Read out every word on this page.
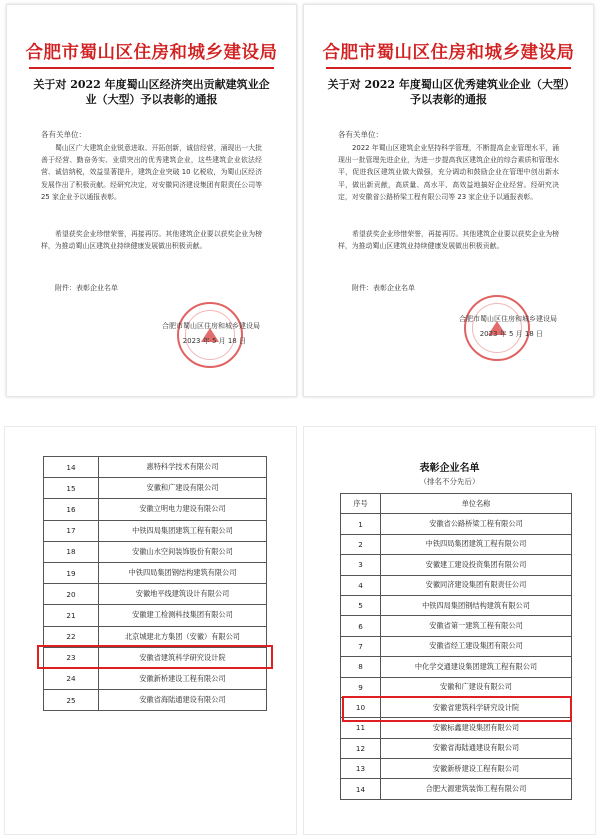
合肥市蜀山区住房和城乡建设局
关于对 2022 年度蜀山区经济突出贡献建筑业企业（大型）予以表彰的通报
各有关单位：

蜀山区广大建筑企业锐意进取、开拓创新，诚信经营，涌现出一大批善于经营、勤奋务实、业绩突出的优秀建筑企业，这些建筑企业依法经营、诚信纳税，效益显著提升，建筑企业突破 10 亿税收，为蜀山区经济发展作出了积极贡献。经研究决定，对安徽同济建设集团有限责任公司等 25 家企业予以通报表彰。

希望获奖企业珍惜荣誉，再接再厉。其他建筑企业要以获奖企业为榜样，为推动蜀山区建筑业持续健康发展做出积极贡献。

附件：表彰企业名单
合肥市蜀山区住房和城乡建设局
2023 年 5 月 18 日
合肥市蜀山区住房和城乡建设局
关于对 2022 年度蜀山区优秀建筑业企业（大型）予以表彰的通报
各有关单位：

2022 年蜀山区建筑企业坚持科学管理，不断提高企业管理水平，涌现出一批管理先进企业，为进一步提高我区建筑企业的综合素质和管理水平，促进我区建筑业做大做强，充分调动和鼓励企业在管理中创出新水平，做出新贡献，高质量、高水平、高效益地搞好企业经营。经研究决定，对安徽省公路桥梁工程有限公司等 23 家企业予以通报表彰。

希望获奖企业珍惜荣誉，再接再厉。其他建筑企业要以获奖企业为榜样，为推动蜀山区建筑业持续健康发展做出积极贡献。

附件：表彰企业名单
合肥市蜀山区住房和城乡建设局
2023 年 5 月 18 日
14	惠特科学技术有限公司
15	安徽和广建设有限公司
16	安徽立明电力建设有限公司
17	中铁四局集团建筑工程有限公司
18	安徽山水空间装饰股份有限公司
19	中铁四局集团钢结构建筑有限公司
20	安徽地平线建筑设计有限公司
21	安徽建工检测科技集团有限公司
22	北京城建北方集团（安徽）有限公司
23	安徽省建筑科学研究设计院
24	安徽新桥建设工程有限公司
25	安徽省海陆通建设有限公司
表彰企业名单
（排名不分先后）
序号	单位名称
1	安徽省公路桥梁工程有限公司
2	中铁四局集团建筑工程有限公司
3	安徽建工建设投资集团有限公司
4	安徽同济建设集团有限责任公司
5	中铁四局集团钢结构建筑有限公司
6	安徽省第一建筑工程有限公司
7	安徽省经工建设集团有限公司
8	中化学交通建设集团建筑工程有限公司
9	安徽和广建设有限公司
10	安徽省建筑科学研究设计院
11	安徽标鑫建设集团有限公司
12	安徽省海陆通建设有限公司
13	安徽新桥建设工程有限公司
14	合肥大源建筑装饰工程有限公司
